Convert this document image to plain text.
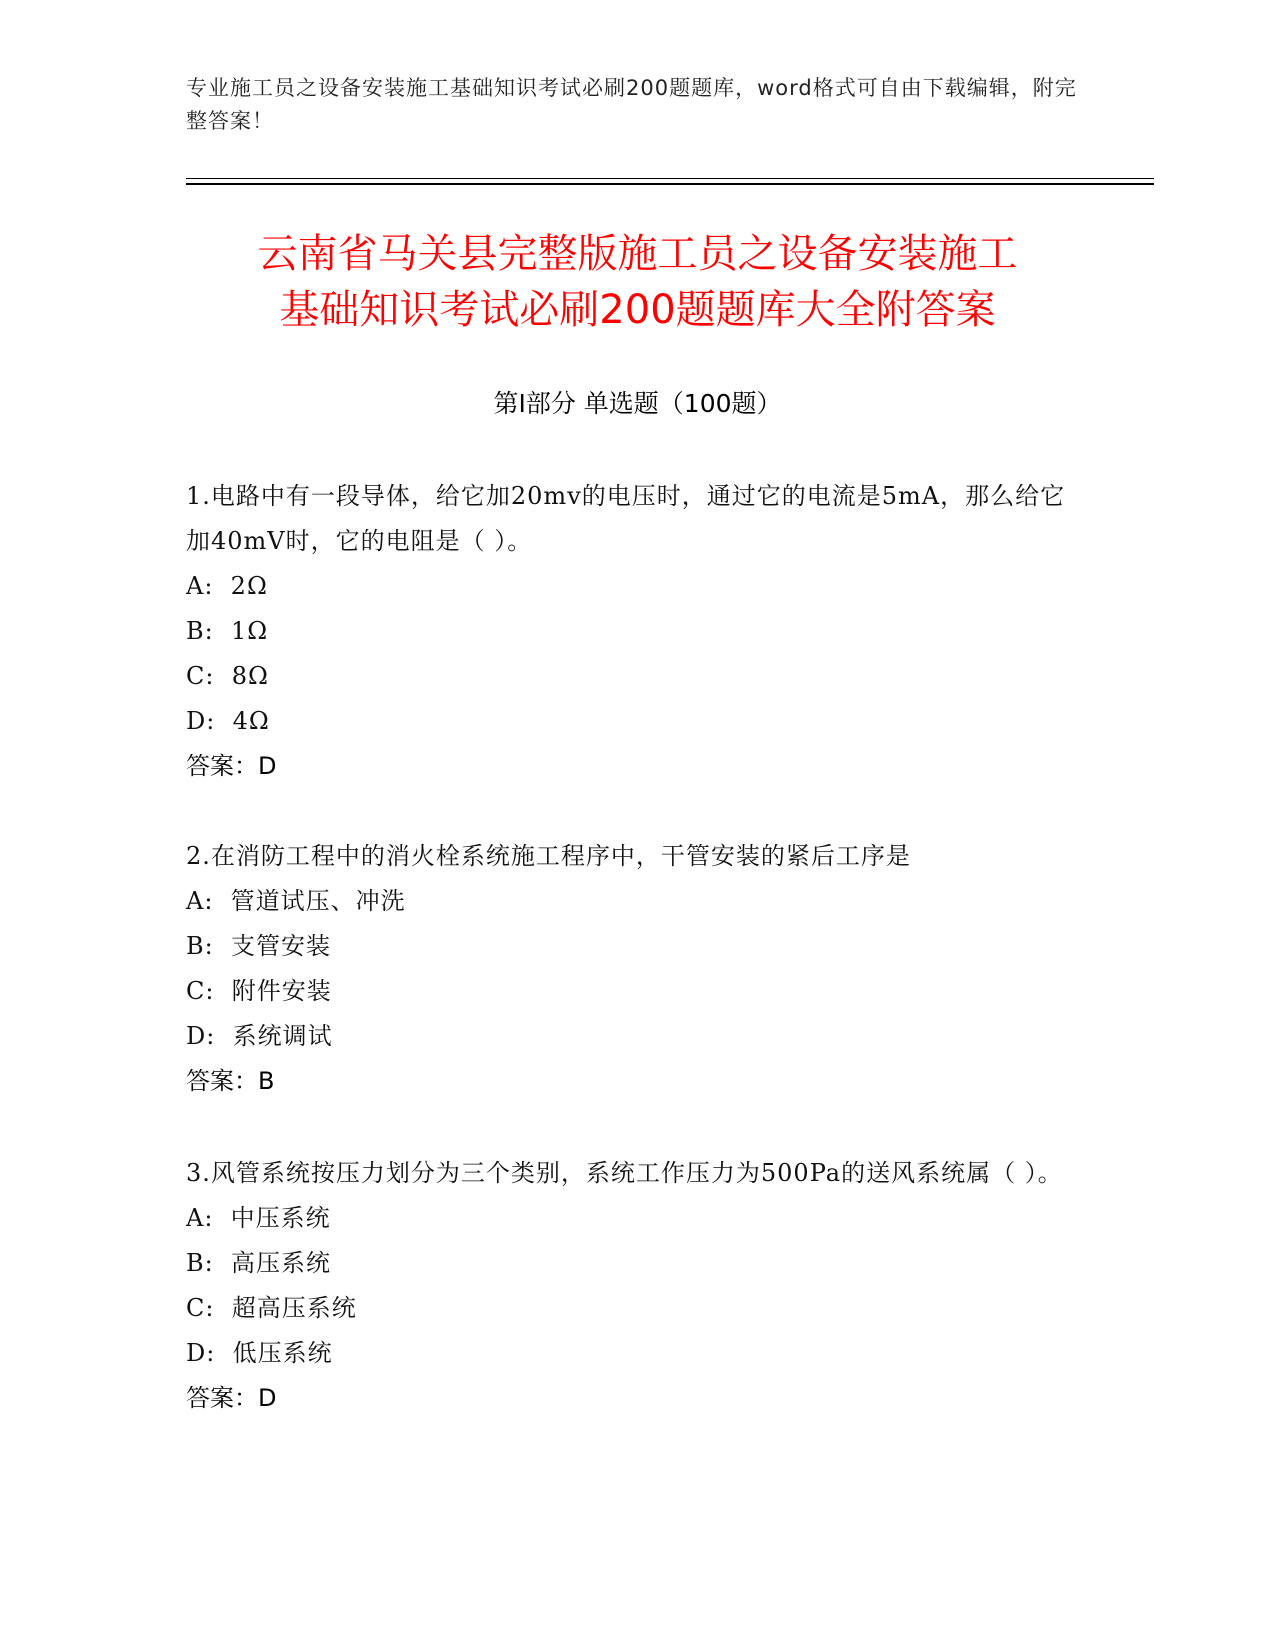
专业施工员之设备安装施工基础知识考试必刷200题题库，word格式可自由下载编辑，附完整答案！
云南省马关县完整版施工员之设备安装施工
基础知识考试必刷200题题库大全附答案
第I部分 单选题（100题）

1.电路中有一段导体，给它加20mv的电压时，通过它的电流是5mA，那么给它加40mV时，它的电阻是（ ）。

A:  2Ω

B:  1Ω

C:  8Ω

D:  4Ω

答案：D

2.在消防工程中的消火栓系统施工程序中，干管安装的紧后工序是

A:  管道试压、冲洗

B:  支管安装

C:  附件安装

D:  系统调试

答案：B

3.风管系统按压力划分为三个类别，系统工作压力为500Pa的送风系统属（ ）。

A:  中压系统

B:  高压系统

C:  超高压系统

D:  低压系统

答案：D
